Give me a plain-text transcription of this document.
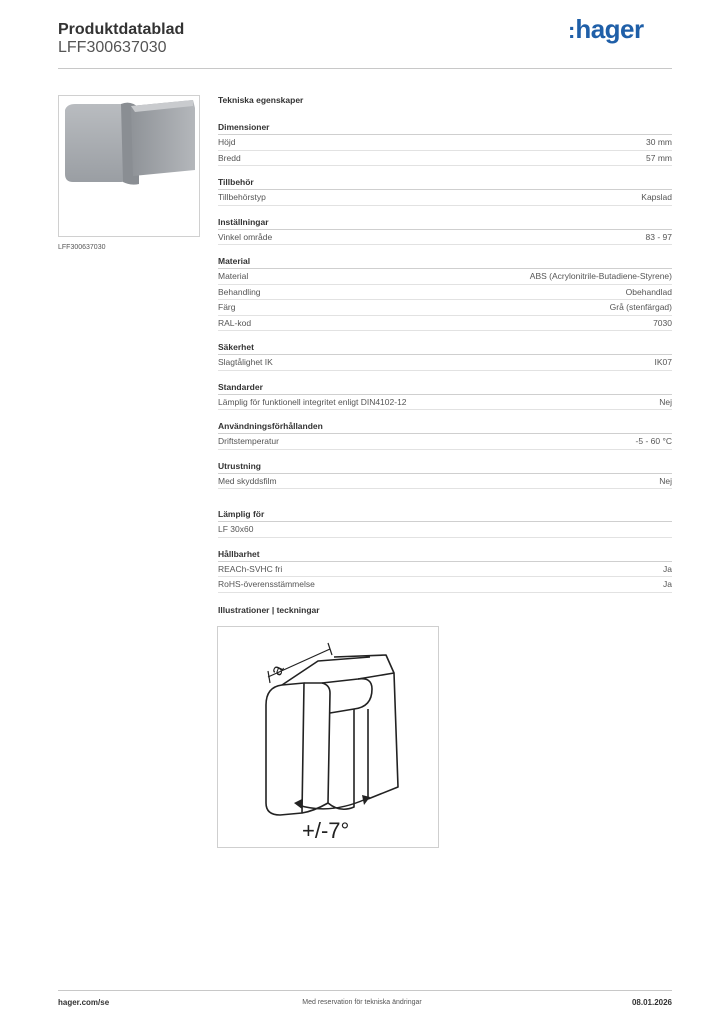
Produktdatablad
LFF300637030
:hager
LFF300637030
Tekniska egenskaper
Dimensioner
Höjd	30 mm
Bredd	57 mm
Tillbehör
Tillbehörstyp	Kapslad
Inställningar
Vinkel område	83 - 97
Material
Material	ABS (Acrylonitrile-Butadiene-Styrene)
Behandling	Obehandlad
Färg	Grå (stenfärgad)
RAL-kod	7030
Säkerhet
Slagtålighet IK	IK07
Standarder
Lämplig för funktionell integritet enligt DIN4102-12	Nej
Användningsförhållanden
Driftstemperatur	-5 - 60 °C
Utrustning
Med skyddsfilm	Nej
Lämplig för
LF 30x60
Hållbarhet
REACh-SVHC fri	Ja
RoHS-överensstämmelse	Ja
Illustrationer | teckningar
a
+/-7°
hager.com/se	Med reservation för tekniska ändringar	08.01.2026
